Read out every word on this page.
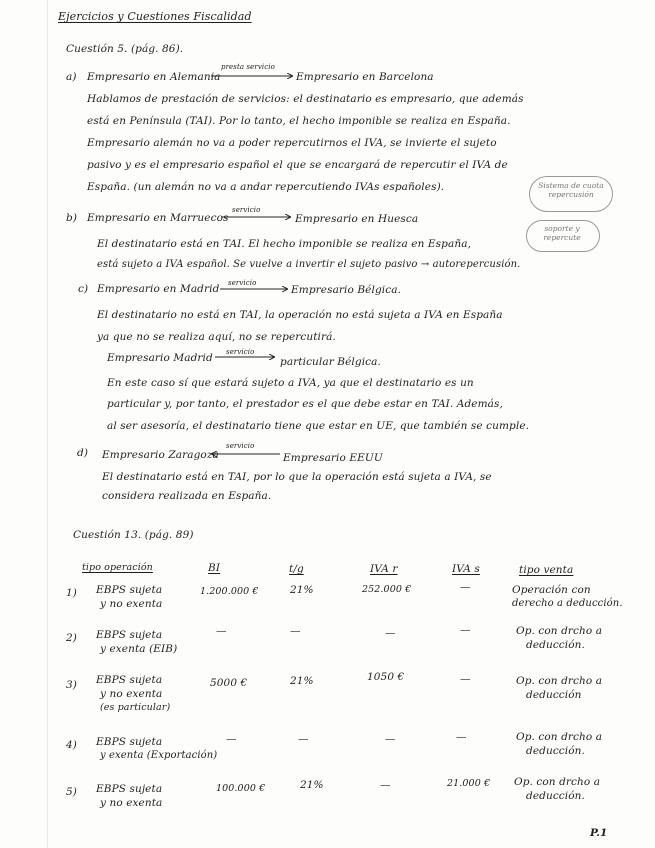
Ejercicios y Cuestiones Fiscalidad
Cuestión 5. (pág. 86).
a) Empresario en Alemania
presta servicio
Empresario en Barcelona
Hablamos de prestación de servicios: el destinatario es empresario, que además
está en Península (TAI). Por lo tanto, el hecho imponible se realiza en España.
Empresario alemán no va a poder repercutirnos el IVA, se invierte el sujeto
pasivo y es el empresario español el que se encargará de repercutir el IVA de
España. (un alemán no va a andar repercutiendo IVAs españoles).	Sistema de cuota repercusión
soporte y repercute
b) Empresario en Marruecos
servicio
Empresario en Huesca
El destinatario está en TAI. El hecho imponible se realiza en España,
está sujeto a IVA español. Se vuelve a invertir el sujeto pasivo → autorepercusión.
c) Empresario en Madrid servicio
Empresario Bélgica.
El destinatario no está en TAI, la operación no está sujeta a IVA en España
ya que no se realiza aquí, no se repercutirá.
Empresario Madrid servicio
particular Bélgica.
En este caso sí que estará sujeto a IVA, ya que el destinatario es un
particular y, por tanto, el prestador es el que debe estar en TAI. Además,
al ser asesoría, el destinatario tiene que estar en UE, que también se cumple.
d) Empresario Zaragoza
servicio
Empresario EEUU
El destinatario está en TAI, por lo que la operación está sujeta a IVA, se
considera realizada en España.
Cuestión 13. (pág. 89)
tipo operación	BI	t/g	IVA r	IVA s	tipo venta
1) EBPS sujeta
y no exenta
1.200.000 €	21%	252.000 €	—	Operación con
derecho a deducción.
2) EBPS sujeta
y exenta (EIB)
—	—	—	—	Op. con drcho a
deducción.
3) EBPS sujeta
y no exenta
(es particular)
5000 €	21%	1050 €	—	Op. con drcho a
deducción
4) EBPS sujeta
y exenta (Exportación)
—	—	—	—	Op. con drcho a
deducción.
5) EBPS sujeta
y no exenta
100.000 €	21%	—	21.000 € Op. con drcho a
deducción.
P.1
